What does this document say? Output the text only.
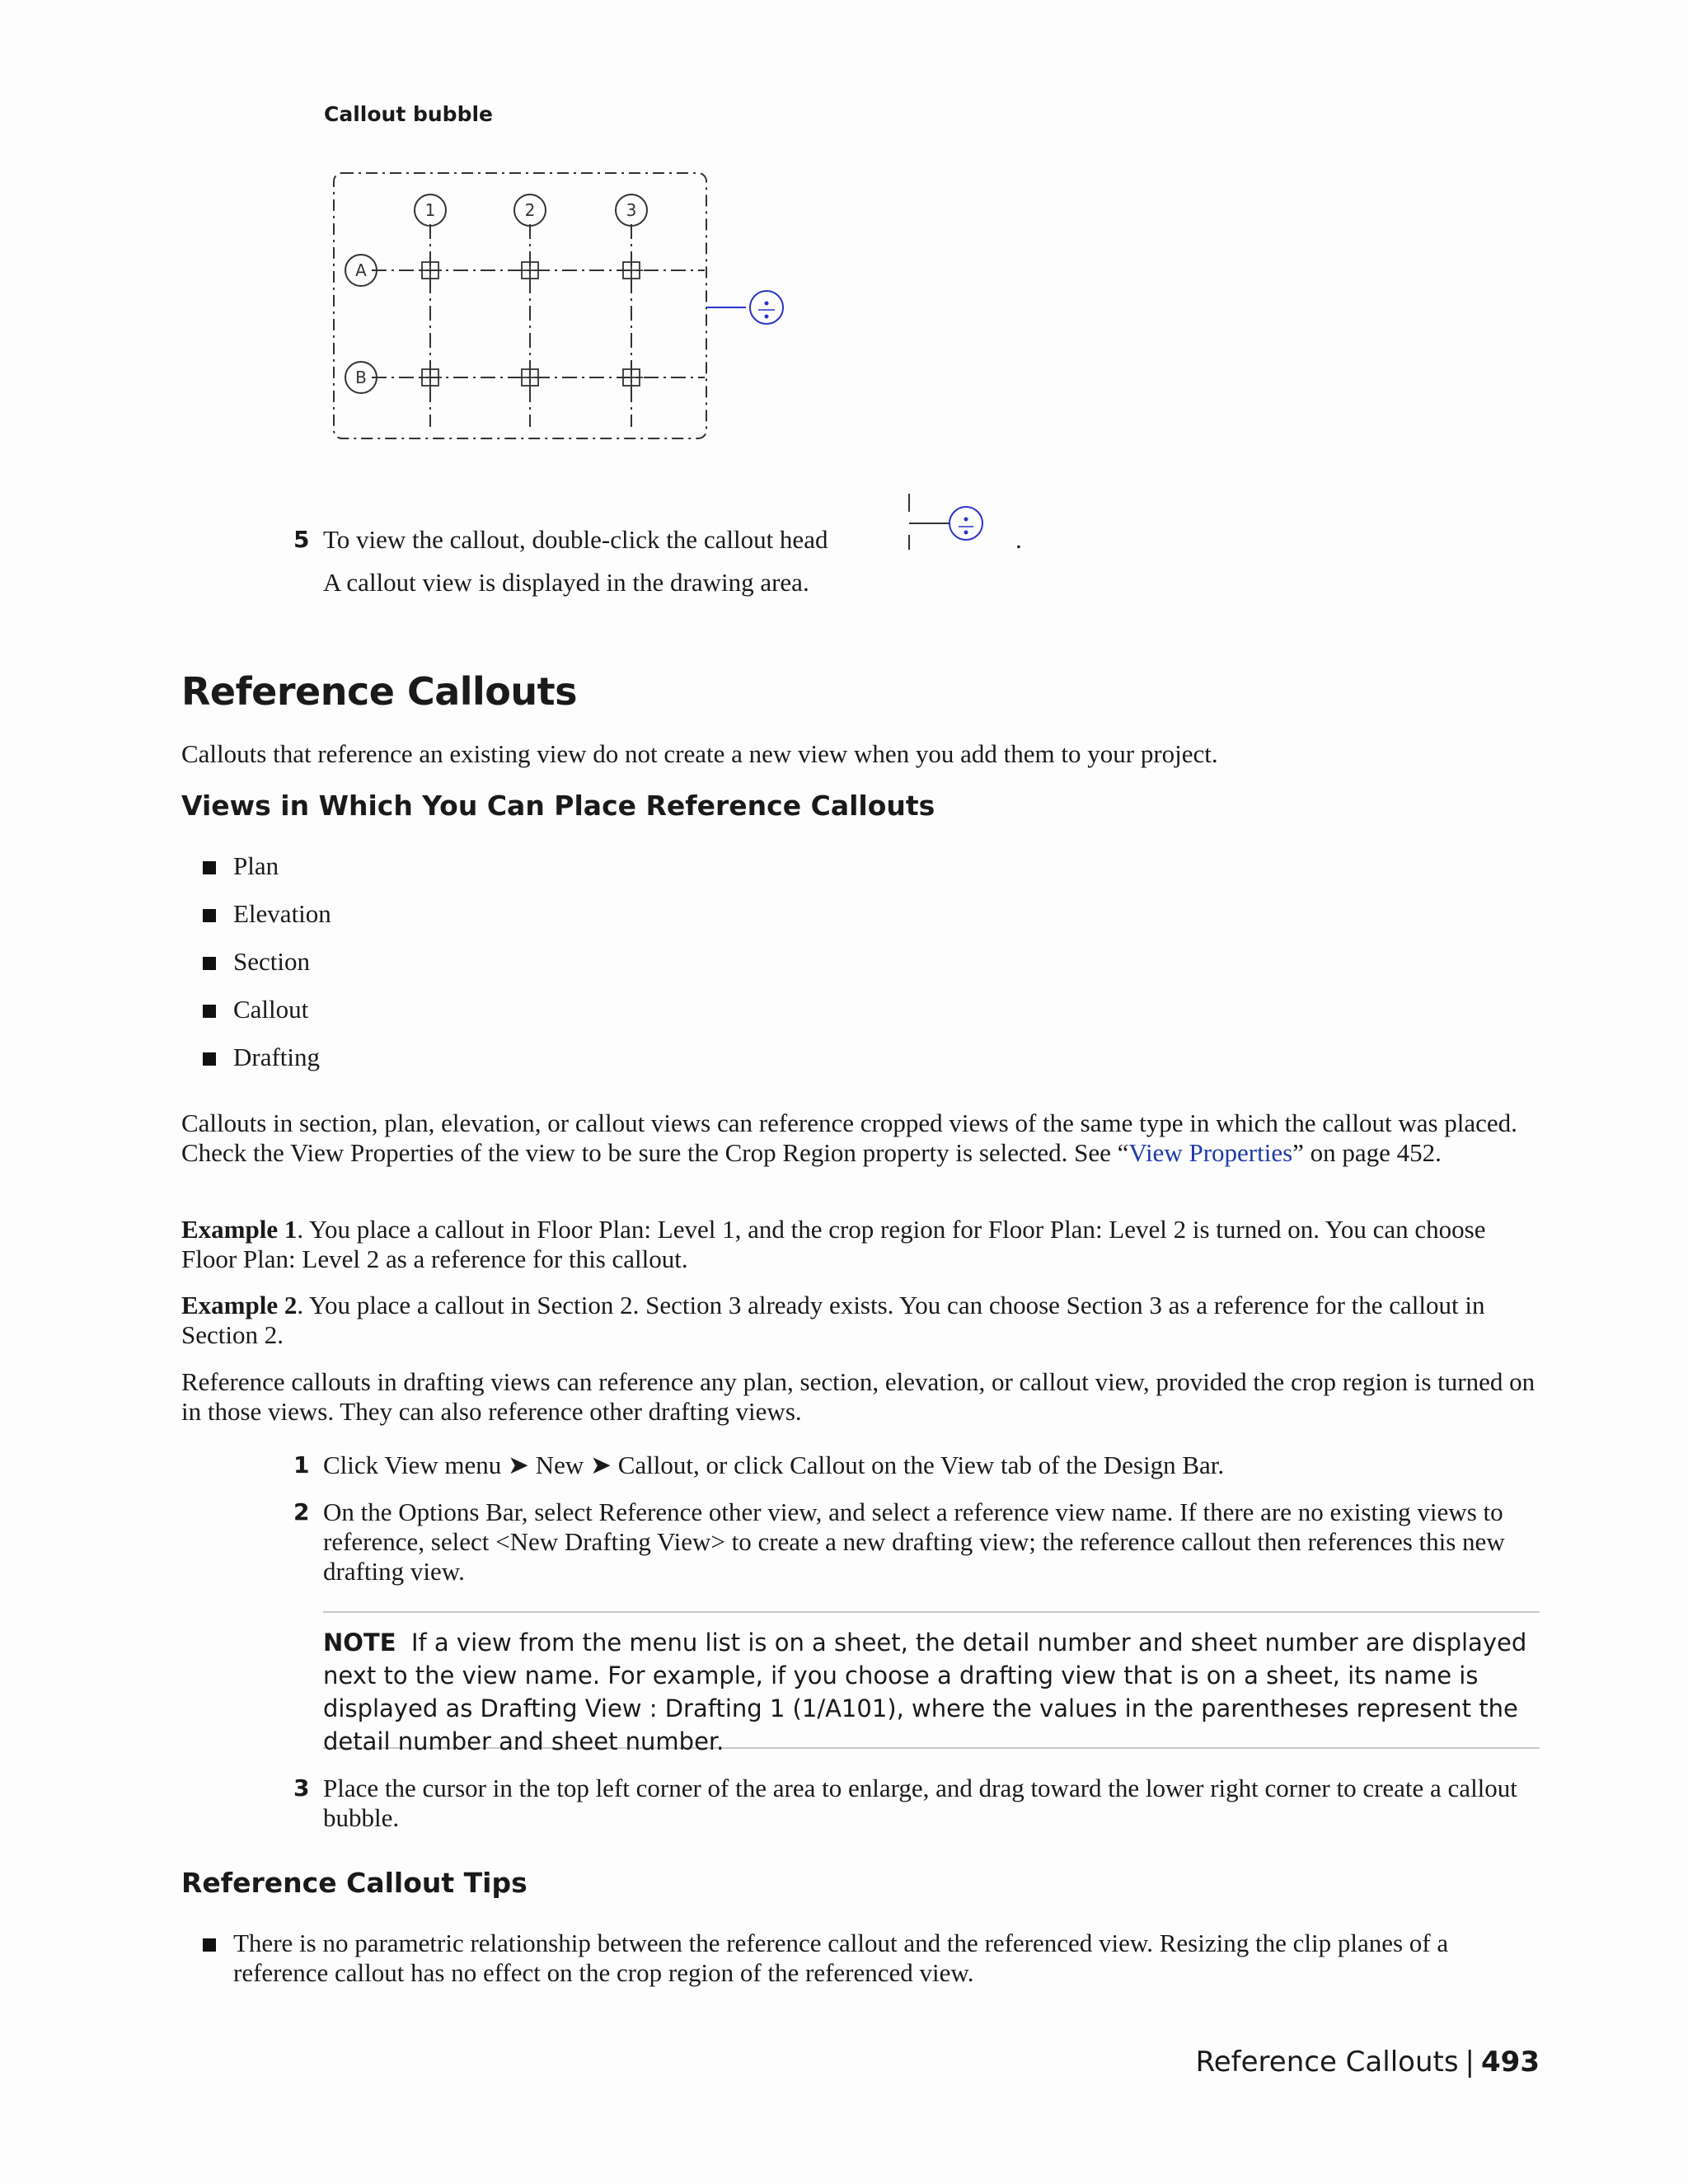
Callout bubble

1	2	3
A
B
5 To view the callout, double-click the callout head	.

A callout view is displayed in the drawing area.

Reference Callouts

Callouts that reference an existing view do not create a new view when you add them to your project.

Views in Which You Can Place Reference Callouts
Plan
Elevation
Section
Callout
Drafting

Callouts in section, plan, elevation, or callout views can reference cropped views of the same type in which the callout was placed. Check the View Properties of the view to be sure the Crop Region property is selected. See “View Properties” on page 452.

Example 1. You place a callout in Floor Plan: Level 1, and the crop region for Floor Plan: Level 2 is turned on. You can choose Floor Plan: Level 2 as a reference for this callout.

Example 2. You place a callout in Section 2. Section 3 already exists. You can choose Section 3 as a reference for the callout in Section 2.

Reference callouts in drafting views can reference any plan, section, elevation, or callout view, provided the crop region is turned on in those views. They can also reference other drafting views.

1 Click View menu ➤ New ➤ Callout, or click Callout on the View tab of the Design Bar.
2 On the Options Bar, select Reference other view, and select a reference view name. If there are no existing views to reference, select <New Drafting View> to create a new drafting view; the reference callout then references this new drafting view.

NOTE If a view from the menu list is on a sheet, the detail number and sheet number are displayed next to the view name. For example, if you choose a drafting view that is on a sheet, its name is displayed as Drafting View : Drafting 1 (1/A101), where the values in the parentheses represent the detail number and sheet number.

3 Place the cursor in the top left corner of the area to enlarge, and drag toward the lower right corner to create a callout bubble.
Reference Callout Tips
There is no parametric relationship between the reference callout and the referenced view. Resizing the clip planes of a reference callout has no effect on the crop region of the referenced view.
Reference Callouts | 493
